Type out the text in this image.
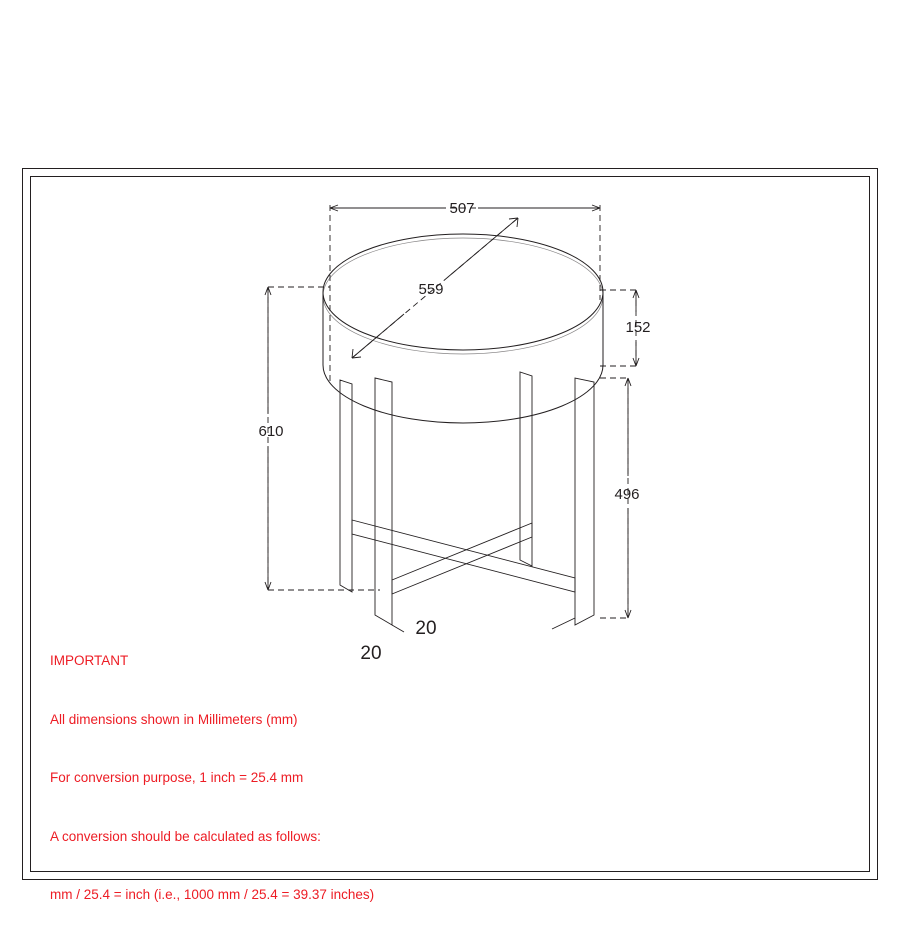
507
559
152
610
496
20
20

IMPORTANT

All dimensions shown in Millimeters (mm)

For conversion purpose, 1 inch = 25.4 mm

A conversion should be calculated as follows:

mm / 25.4 = inch (i.e., 1000 mm / 25.4 = 39.37 inches)
